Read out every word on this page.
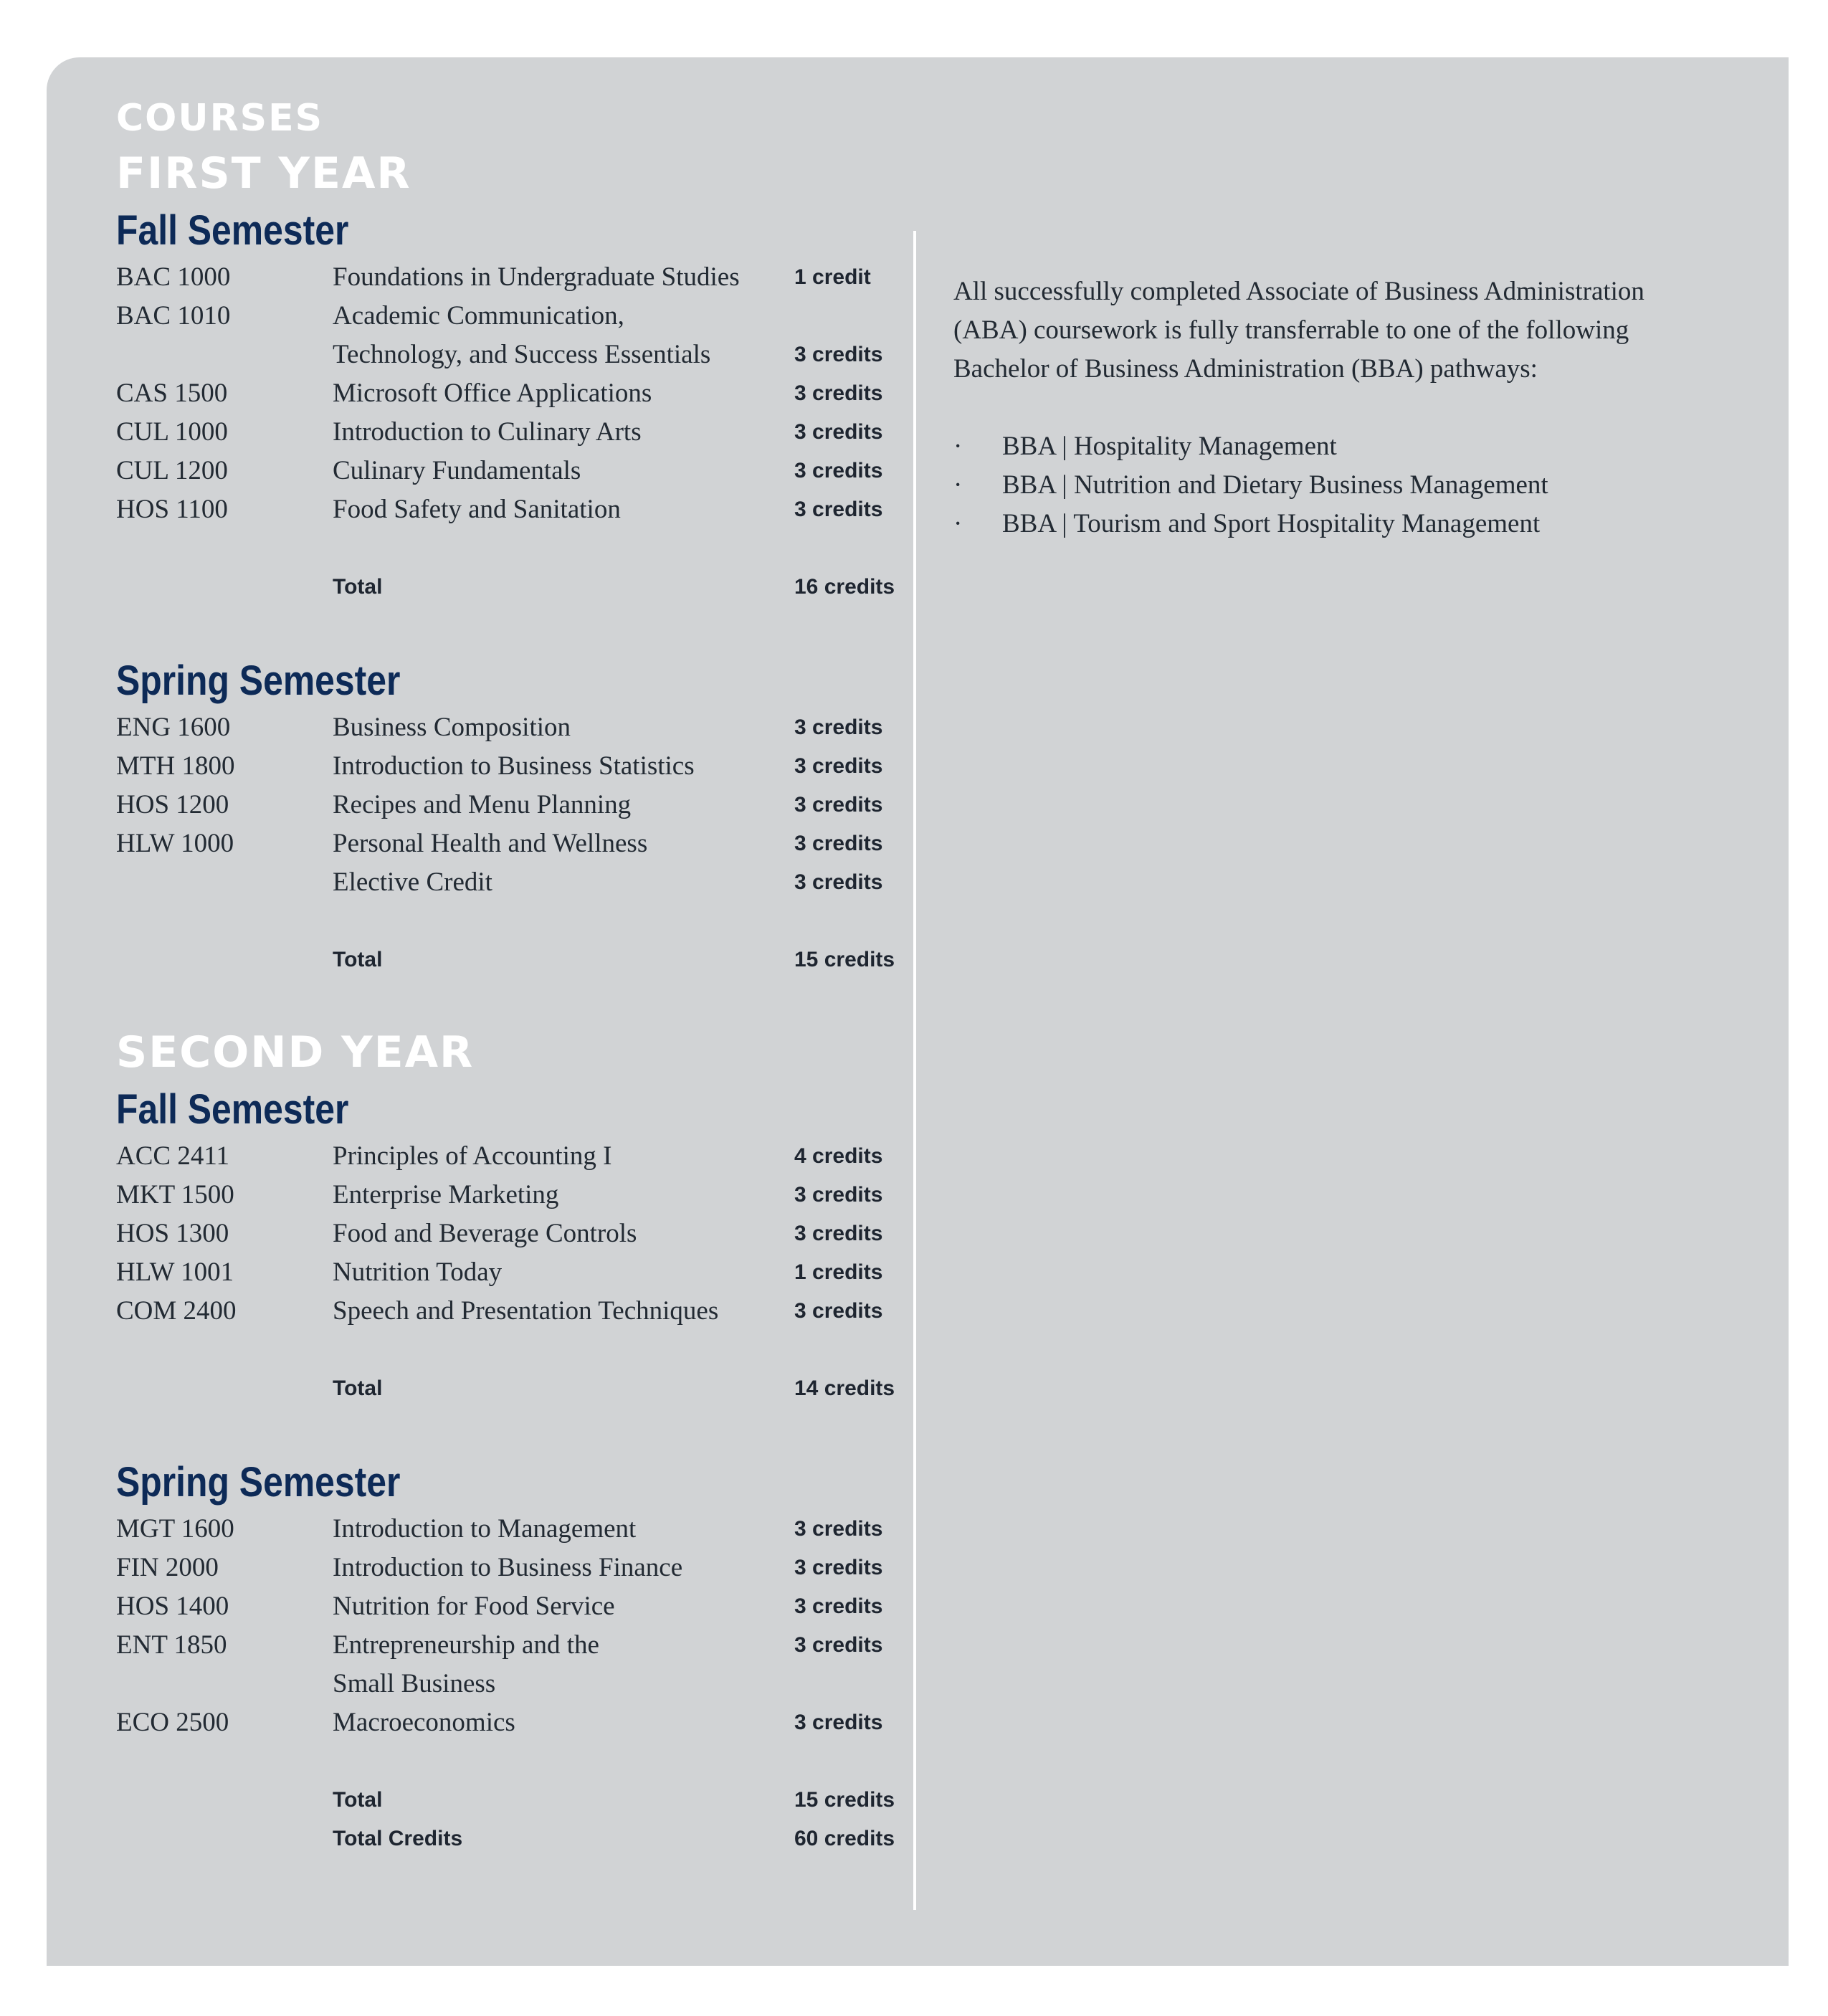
COURSES
FIRST YEAR
Fall Semester
BAC 1000	Foundations in Undergraduate Studies	1 credit
BAC 1010	Academic Communication,
Technology, and Success Essentials	3 credits
CAS 1500	Microsoft Office Applications	3 credits
CUL 1000	Introduction to Culinary Arts	3 credits
CUL 1200	Culinary Fundamentals	3 credits
HOS 1100	Food Safety and Sanitation	3 credits
Total	16 credits
Spring Semester
ENG 1600	Business Composition	3 credits
MTH 1800	Introduction to Business Statistics	3 credits
HOS 1200	Recipes and Menu Planning	3 credits
HLW 1000	Personal Health and Wellness	3 credits
Elective Credit	3 credits
Total	15 credits
SECOND YEAR
Fall Semester
ACC 2411	Principles of Accounting I	4 credits
MKT 1500	Enterprise Marketing	3 credits
HOS 1300	Food and Beverage Controls	3 credits
HLW 1001	Nutrition Today	1 credits
COM 2400	Speech and Presentation Techniques	3 credits
Total	14 credits
Spring Semester
MGT 1600	Introduction to Management	3 credits
FIN 2000	Introduction to Business Finance	3 credits
HOS 1400	Nutrition for Food Service	3 credits
ENT 1850	Entrepreneurship and the	3 credits
Small Business
ECO 2500	Macroeconomics	3 credits
Total	15 credits
Total Credits	60 credits
All successfully completed Associate of Business Administration
(ABA) coursework is fully transferrable to one of the following
Bachelor of Business Administration (BBA) pathways:
· BBA | Hospitality Management
· BBA | Nutrition and Dietary Business Management
· BBA | Tourism and Sport Hospitality Management
